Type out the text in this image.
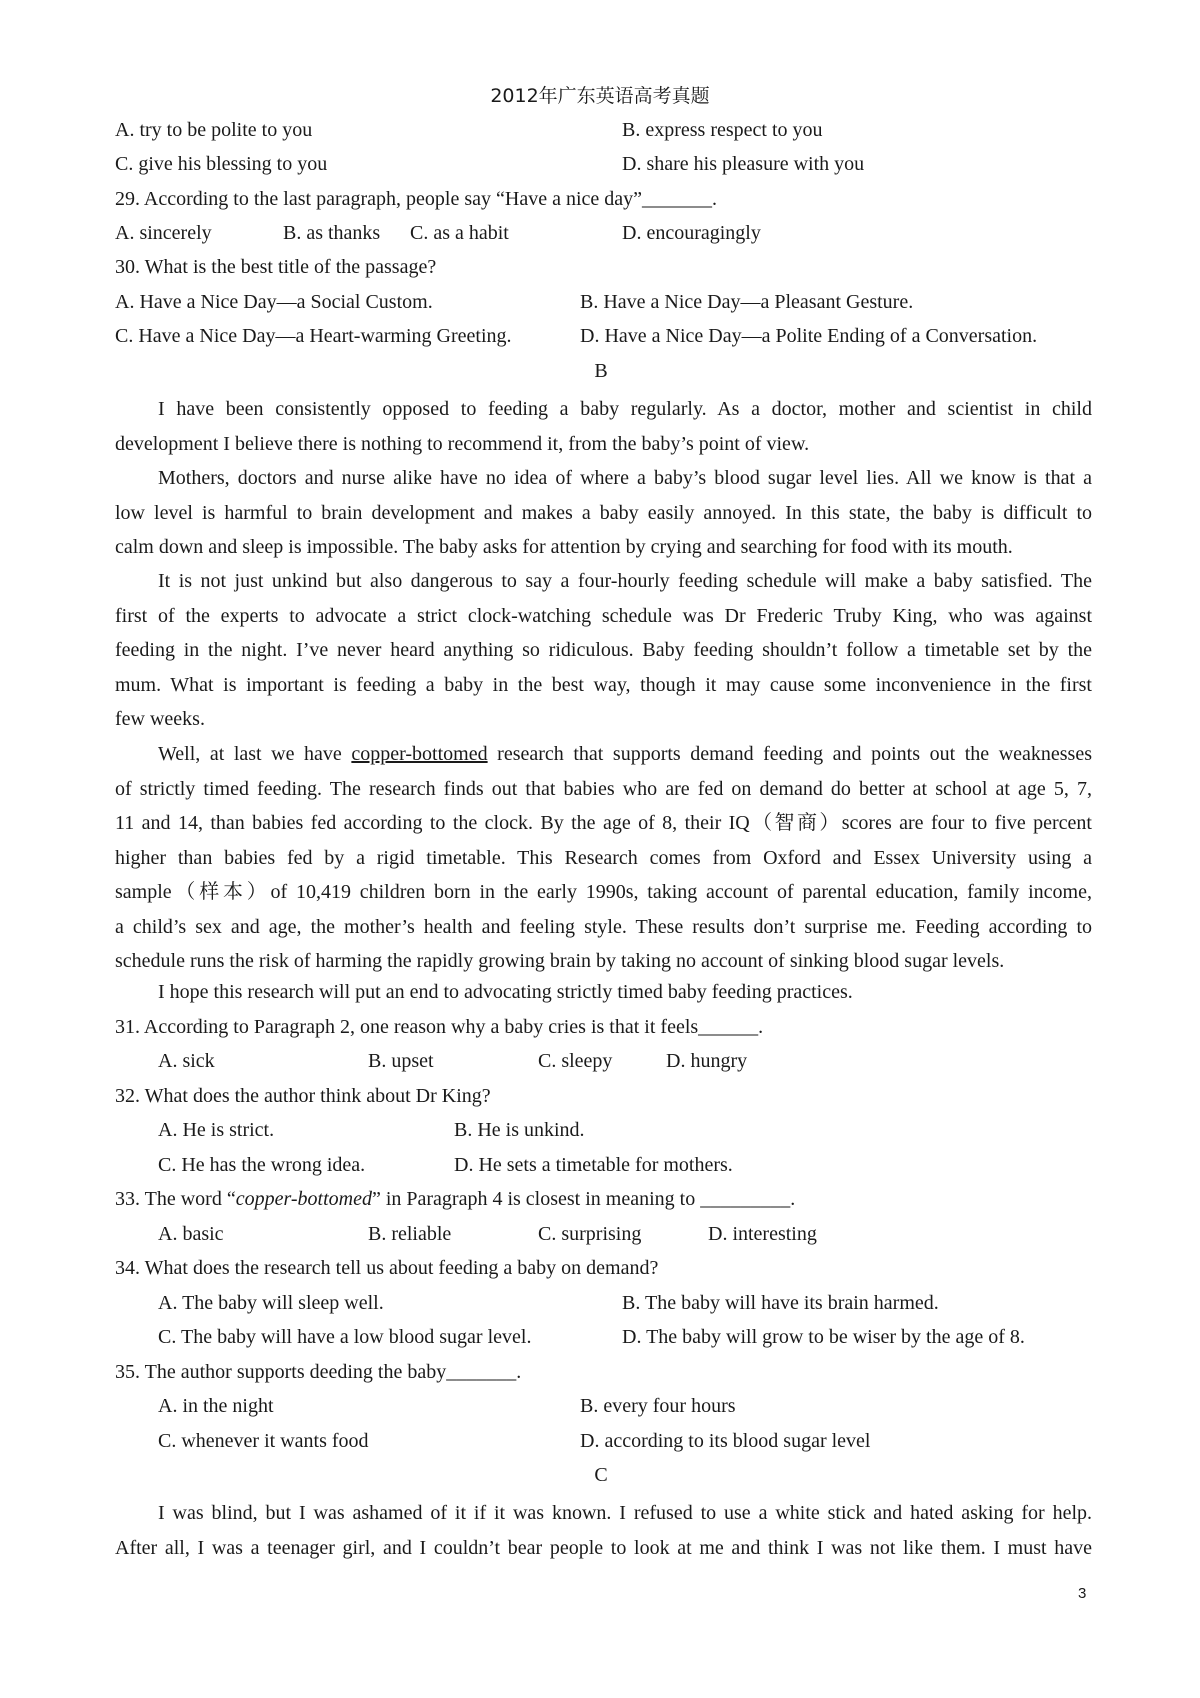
2012年广东英语高考真题
A. try to be polite to you	B. express respect to you
C. give his blessing to you	D. share his pleasure with you
29. According to the last paragraph, people say “Have a nice day”_______.
A. sincerely	B. as thanks C. as a habit	D. encouragingly
30. What is the best title of the passage?
A. Have a Nice Day—a Social Custom.	B. Have a Nice Day—a Pleasant Gesture.
C. Have a Nice Day—a Heart-warming Greeting.	D. Have a Nice Day—a Polite Ending of a Conversation.
B
I have been consistently opposed to feeding a baby regularly. As a doctor, mother and scientist in child
development I believe there is nothing to recommend it, from the baby’s point of view.
Mothers, doctors and nurse alike have no idea of where a baby’s blood sugar level lies. All we know is that a
low level is harmful to brain development and makes a baby easily annoyed. In this state, the baby is difficult to
calm down and sleep is impossible. The baby asks for attention by crying and searching for food with its mouth.
It is not just unkind but also dangerous to say a four-hourly feeding schedule will make a baby satisfied. The
first of the experts to advocate a strict clock-watching schedule was Dr Frederic Truby King, who was against
feeding in the night. I’ve never heard anything so ridiculous. Baby feeding shouldn’t follow a timetable set by the
mum. What is important is feeding a baby in the best way, though it may cause some inconvenience in the first
few weeks.
Well, at last we have copper-bottomed research that supports demand feeding and points out the weaknesses
of strictly timed feeding. The research finds out that babies who are fed on demand do better at school at age 5, 7,
11 and 14, than babies fed according to the clock. By the age of 8, their IQ（智商）scores are four to five percent
higher than babies fed by a rigid timetable. This Research comes from Oxford and Essex University using a
sample（样本）of 10,419 children born in the early 1990s, taking account of parental education, family income,
a child’s sex and age, the mother’s health and feeling style. These results don’t surprise me. Feeding according to
schedule runs the risk of harming the rapidly growing brain by taking no account of sinking blood sugar levels.
I hope this research will put an end to advocating strictly timed baby feeding practices.
31. According to Paragraph 2, one reason why a baby cries is that it feels______.
A. sick	B. upset	C. sleepy	D. hungry
32. What does the author think about Dr King?
A. He is strict.	B. He is unkind.
C. He has the wrong idea.	D. He sets a timetable for mothers.
33. The word “copper-bottomed” in Paragraph 4 is closest in meaning to _________.
A. basic	B. reliable	C. surprising	D. interesting
34. What does the research tell us about feeding a baby on demand?
A. The baby will sleep well.	B. The baby will have its brain harmed.
C. The baby will have a low blood sugar level.	D. The baby will grow to be wiser by the age of 8.
35. The author supports deeding the baby_______.
A. in the night	B. every four hours
C. whenever it wants food	D. according to its blood sugar level
C
I was blind, but I was ashamed of it if it was known. I refused to use a white stick and hated asking for help.
After all, I was a teenager girl, and I couldn’t bear people to look at me and think I was not like them. I must have
3
